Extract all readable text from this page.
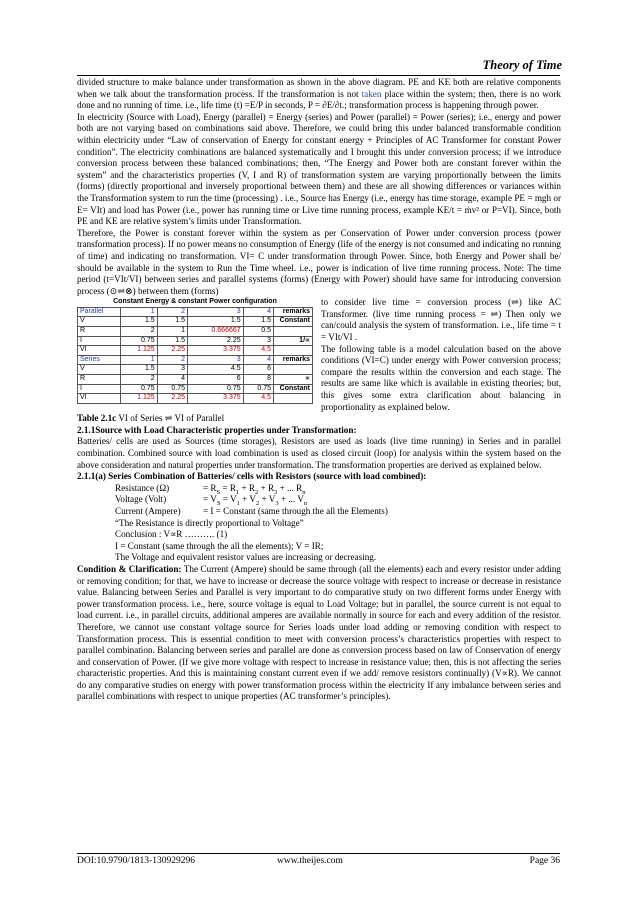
Theory of Time

divided structure to make balance under transformation as shown in the above diagram. PE and KE both are relative components when we talk about the transformation process. If the transformation is not taken place within the system; then, there is no work done and no running of time. i.e., life time (t) =E/P in seconds, P = ∂E/∂t.; transformation process is happening through power.

In electricity (Source with Load), Energy (parallel) = Energy (series) and Power (parallel) = Power (series); i.e., energy and power both are not varying based on combinations said above. Therefore, we could bring this under balanced transformable condition within electricity under “Law of conservation of Energy for constant energy + Principles of AC Transformer for constant Power condition”. The electricity combinations are balanced systematically and I brought this under conversion process; if we introduce conversion process between these balanced combinations; then, “The Energy and Power both are constant forever within the system” and the characteristics properties (V, I and R) of transformation system are varying proportionally between the limits (forms) (directly proportional and inversely proportional between them) and these are all showing differences or variances within the Transformation system to run the time (processing) . i.e., Source has Energy (i.e., energy has time storage, example PE = mgh or E= VIt) and load has Power (i.e., power has running time or Live time running process, example KE/t = ṁv² or P=VI). Since, both PE and KE are relative system’s limits under Transformation.

Therefore, the Power is constant forever within the system as per Conservation of Power under conversion process (power transformation process). If no power means no consumption of Energy (life of the energy is not consumed and indicating no running of time) and indicating no transformation. VI= C under transformation through Power. Since, both Energy and Power shall be/ should be available in the system to Run the Time wheel. i.e., power is indication of live time running process. Note: The time period (t=VIt/VI) between series and parallel systems (forms) (Energy with Power) should have same for introducing conversion process (⊙⇌⊗) between them (forms)

Constant Energy & constant Power configuration					
Parallel	1	2	3	4	remarks
V	1.5	1.5	1.5	1.5	Constant
R	2	1	0.666667	0.5	
I	0.75	1.5	2.25	3	1/∝
VI	1.125	2.25	3.375	4.5	
Series	1	2	3	4	remarks
V	1.5	3	4.5	6	
R	2	4	6	8	∝
I	0.75	0.75	0.75	0.75	Constant
VI	1.125	2.25	3.375	4.5	

to consider live time = conversion process (⇌) like AC Transformer. (live time running process = ⇌) Then only we can/could analysis the system of transformation. i.e., life time = t = VIt/VI .

The following table is a model calculation based on the above conditions (VI=C) under energy with Power conversion process; compare the results within the conversion and each stage. The results are same like which is available in existing theories; but, this gives some extra clarification about balancing in proportionality as explained below.

Table 2.1c VI of Series ⇌ VI of Parallel

2.1.1Source with Load Characteristic properties under Transformation:

Batteries/ cells are used as Sources (time storages), Resistors are used as loads (live time running) in Series and in parallel combination. Combined source with load combination is used as closed circuit (loop) for analysis within the system based on the above consideration and natural properties under transformation. The transformation properties are derived as explained below.

2.1.1(a) Series Combination of Batteries/ cells with Resistors (source with load combined):

Resistance (Ω)	= $R_S = R_1 + R_2 + R_3$ + ... $R_n$

Voltage (Volt)	= $V_S = V_1 + V_2 + V_3$ + ... $V_n$

Current (Ampere) = I = Constant (same through the all the Elements)

“The Resistance is directly proportional to Voltage”

Conclusion : V∝R ………. (1)

I = Constant (same through the all the elements); V = IR;

The Voltage and equivalent resistor values are increasing or decreasing.

Condition & Clarification: The Current (Ampere) should be same through (all the elements) each and every resistor under adding or removing condition; for that, we have to increase or decrease the source voltage with respect to increase or decrease in resistance value. Balancing between Series and Parallel is very important to do comparative study on two different forms under Energy with power transformation process. i.e., here, source voltage is equal to Load Voltage; but in parallel, the source current is not equal to load current. i.e., in parallel circuits, additional amperes are available normally in source for each and every addition of the resistor. Therefore, we cannot use constant voltage source for Series loads under load adding or removing condition with respect to Transformation process. This is essential condition to meet with conversion process’s characteristics properties with respect to parallel combination. Balancing between series and parallel are done as conversion process based on law of Conservation of energy and conservation of Power. (If we give more voltage with respect to increase in resistance value; then, this is not affecting the series characteristic properties. And this is maintaining constant current even if we add/ remove resistors continually) (V∝R). We cannot do any comparative studies on energy with power transformation process within the electricity If any imbalance between series and parallel combinations with respect to unique properties (AC transformer’s principles).

DOI:10.9790/1813-130929296	www.theijes.com	Page 36
